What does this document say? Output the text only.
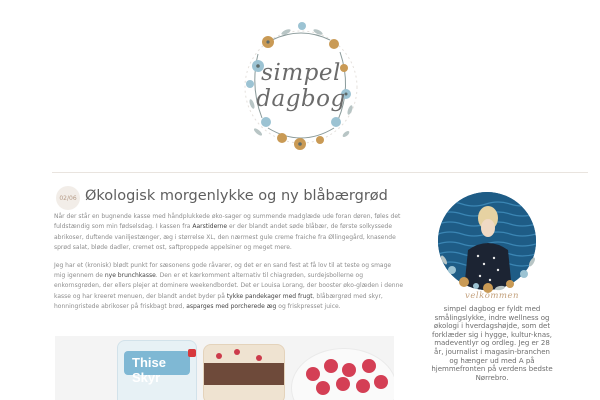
simpel
dagbog
02/06 Økologisk morgenlykke og ny blåbærgrød

Når der står en bugnende kasse med håndplukkede øko-sager og summende madglæde ude foran døren, føles det fuldstændig som min fødselsdag. I kassen fra Aarstiderne er der blandt andet søde blåbær, de første solkyssede abrikoser, duftende vaniljestænger, æg i størrelse XL, den nærmest gule creme fraiche fra Øllingegård, knasende sprød salat, bløde dadler, cremet ost, saftproppede appelsiner og meget mere.

Jeg har et (kronisk) blødt punkt for sæsonens gode råvarer, og det er en sand fest at få lov til at teste og smage mig igennem de nye brunchkasse. Den er et kærkomment alternativ til chiagrøden, surdejsbollerne og enkornsgrøden, der ellers plejer at dominere weekendbordet. Det er Louisa Lorang, der booster øko-glæden i denne kasse og har kreeret menuen, der blandt andet byder på tykke pandekager med frugt, blåbærgrød med skyr, honningristede abrikoser på friskbagt brød, asparges med porcherede æg og friskpresset juice.

Thise Skyr
velkommen
simpel dagbog er fyldt med smålingslykke, indre wellness og økologi i hverdagshøjde, som det forklæder sig i hygge, kultur-knas, madeventlyr og ordleg. Jeg er 28 år, journalist i magasin-branchen og hænger ud med A på hjemmefronten på verdens bedste Nørrebro.
